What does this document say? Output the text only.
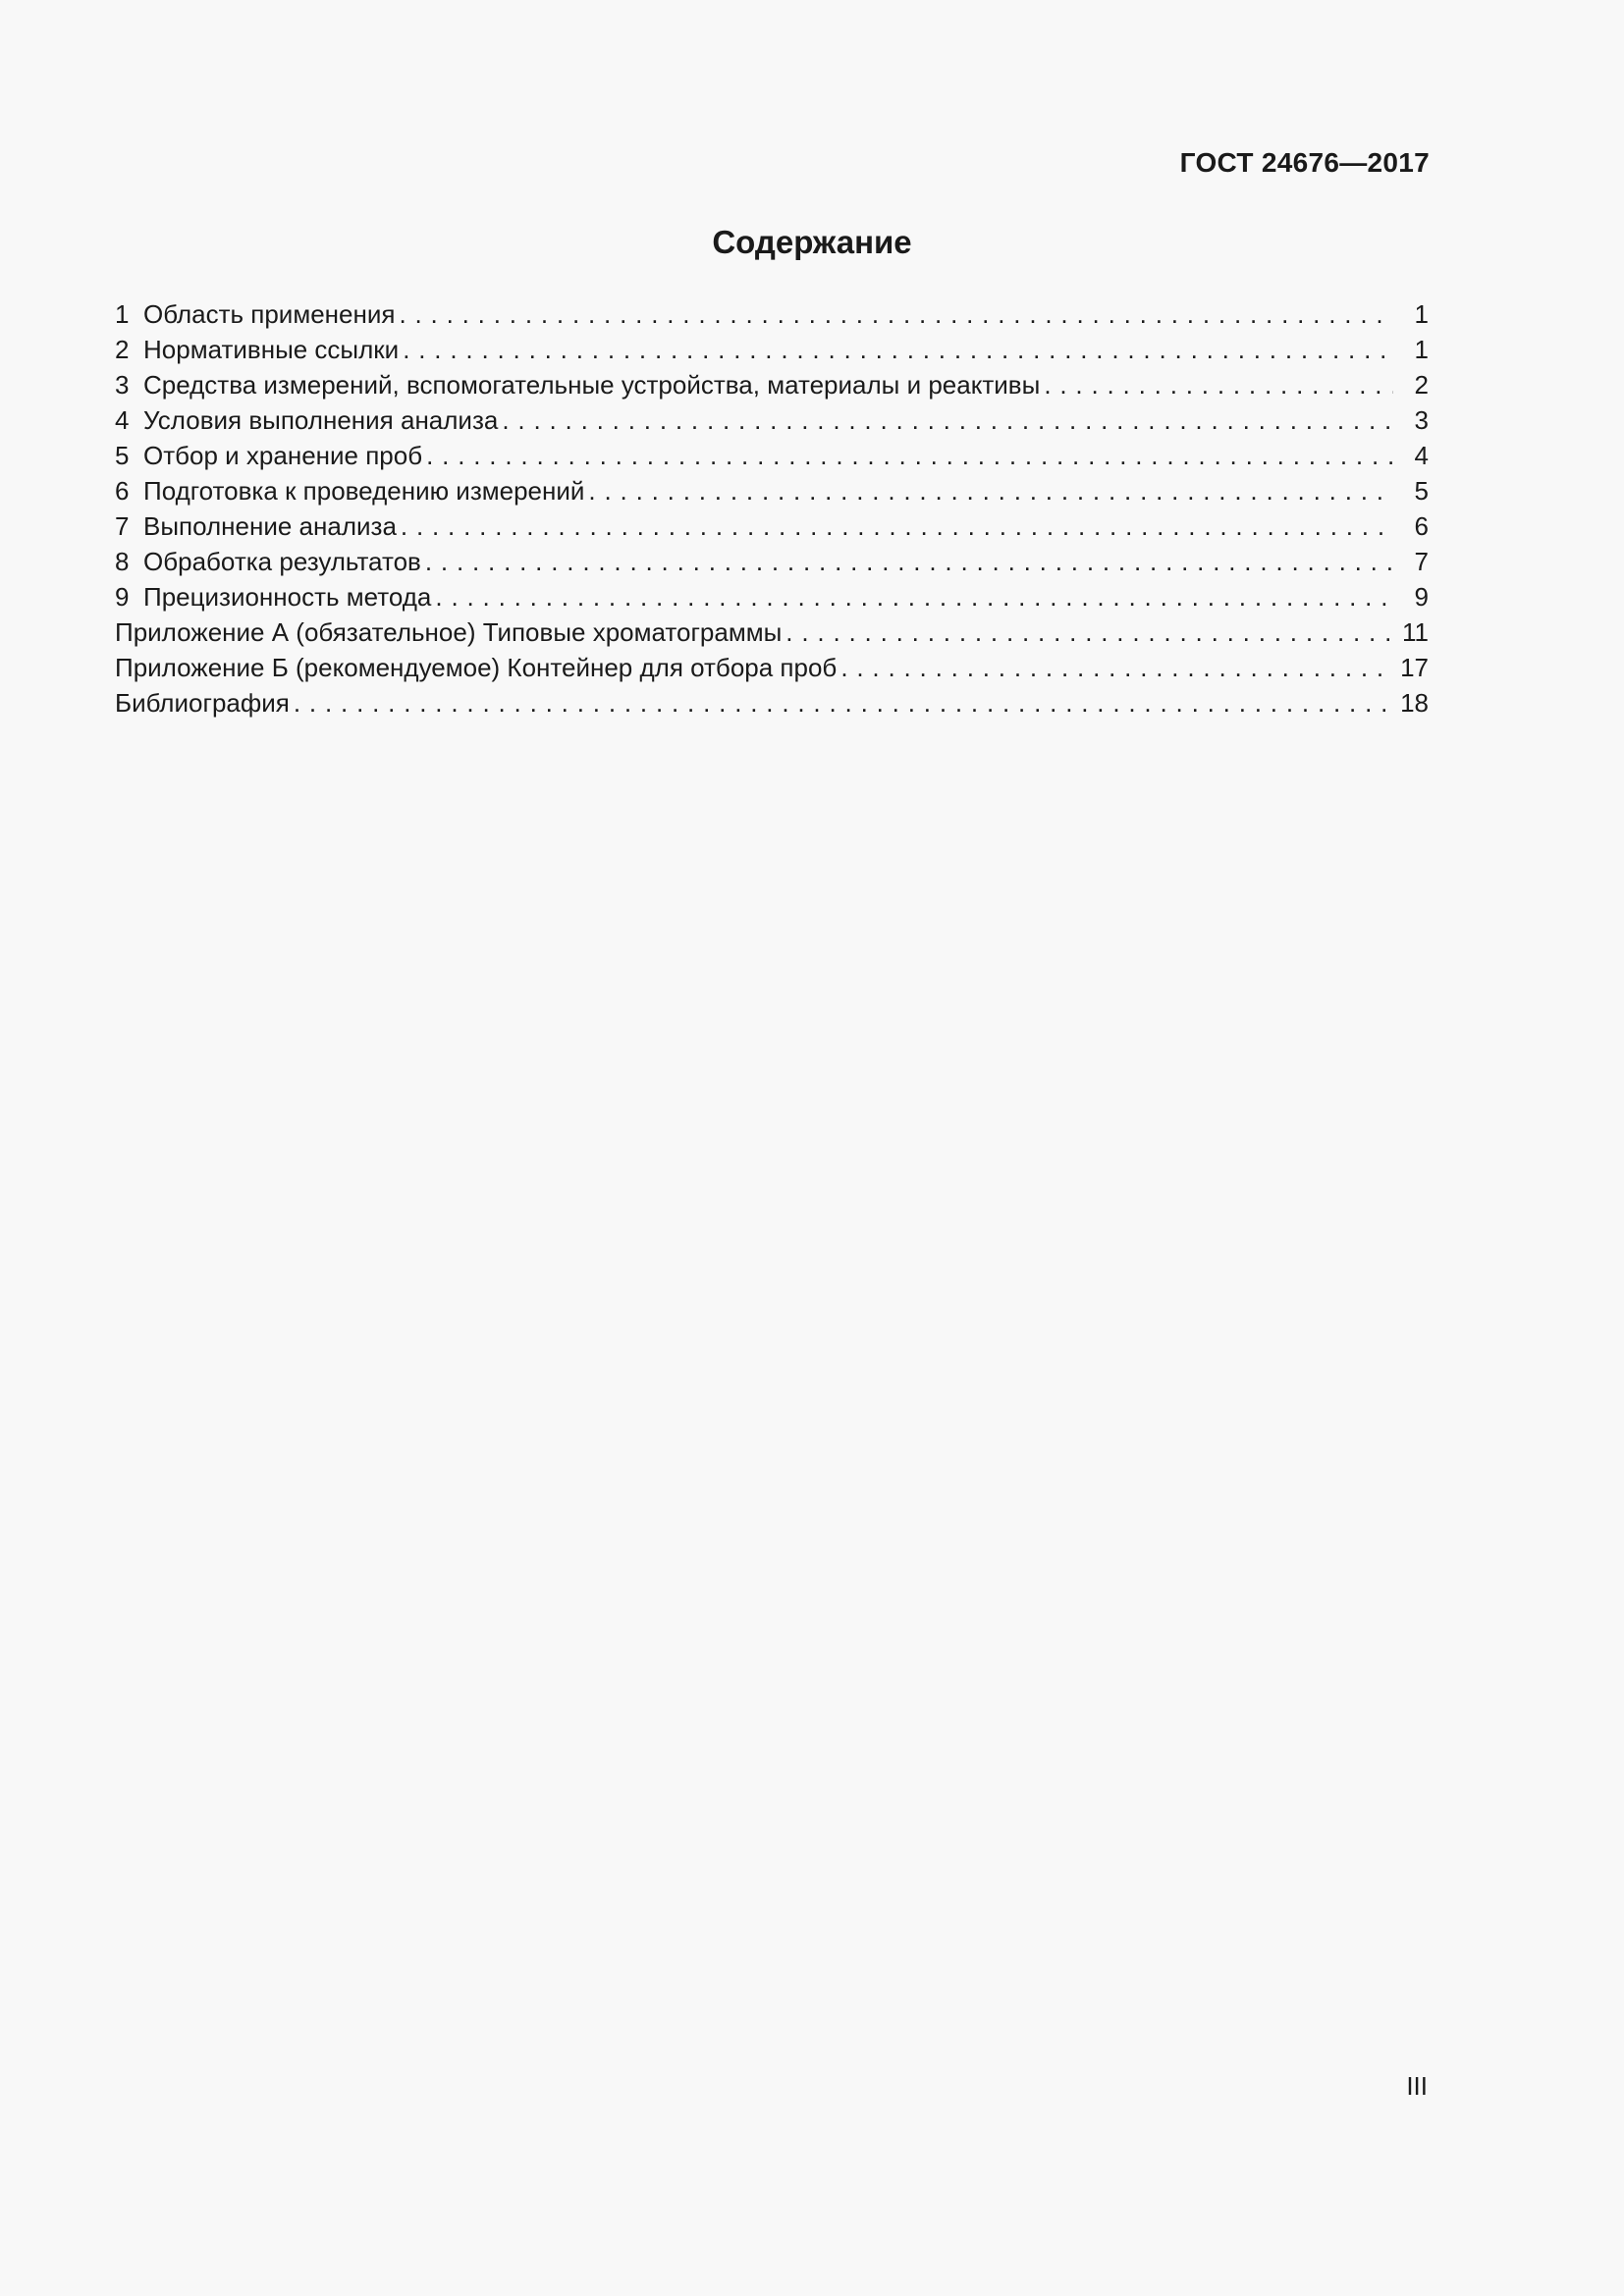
ГОСТ 24676—2017
Содержание
1 Область применения . . .	1
2 Нормативные ссылки . . .	1
3 Средства измерений, вспомогательные устройства, материалы и реактивы . . .	2
4 Условия выполнения анализа . . .	3
5 Отбор и хранение проб . . .	4
6 Подготовка к проведению измерений . . .	5
7 Выполнение анализа . . .	6
8 Обработка результатов . . .	7
9 Прецизионность метода . . .	9
Приложение А (обязательное) Типовые хроматограммы . . .	11
Приложение Б (рекомендуемое) Контейнер для отбора проб . . .	17
Библиография . . .	18
III
